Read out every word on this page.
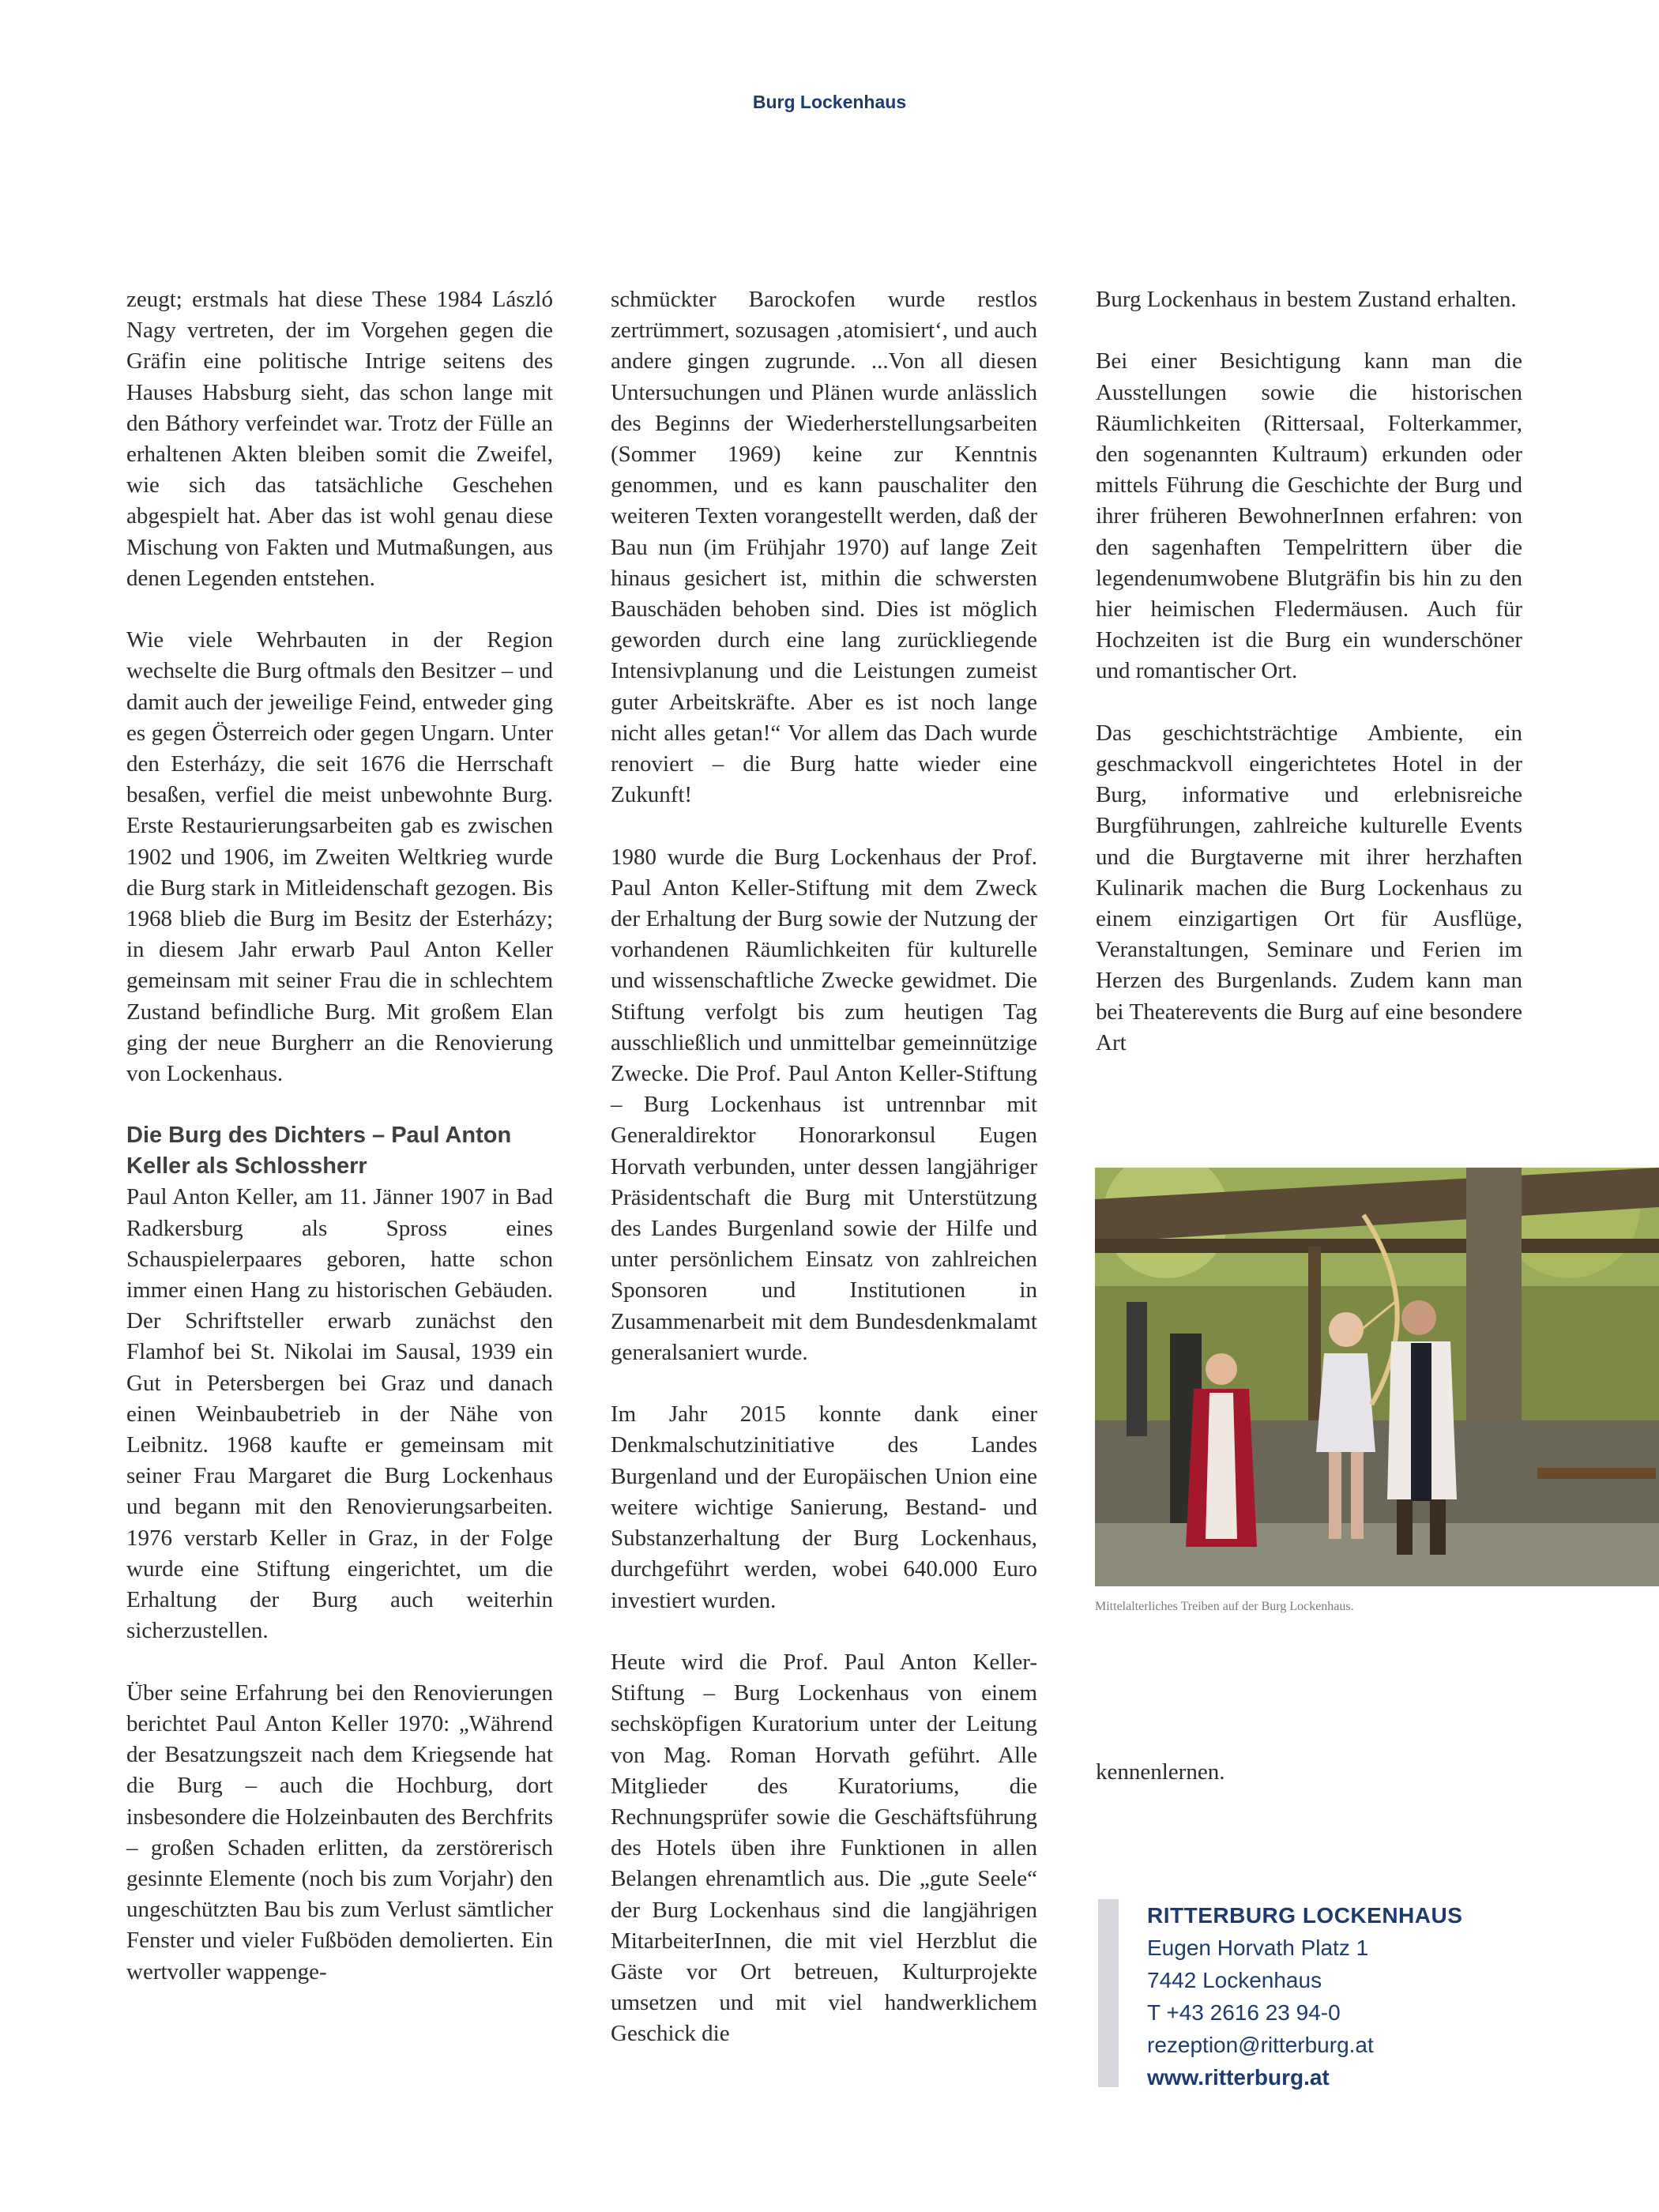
Burg Lockenhaus

zeugt; erstmals hat diese These 1984 László Nagy vertreten, der im Vorgehen gegen die Gräfin eine politische Intrige seitens des Hauses Habsburg sieht, das schon lange mit den Báthory verfeindet war. Trotz der Fülle an erhaltenen Akten bleiben somit die Zweifel, wie sich das tatsächliche Geschehen abgespielt hat. Aber das ist wohl genau diese Mischung von Fakten und Mutmaßungen, aus denen Legenden entstehen.

Wie viele Wehrbauten in der Region wechselte die Burg oftmals den Besitzer – und damit auch der jeweilige Feind, entweder ging es gegen Österreich oder gegen Ungarn. Unter den Esterházy, die seit 1676 die Herrschaft besaßen, verfiel die meist unbewohnte Burg. Erste Restaurierungsarbeiten gab es zwischen 1902 und 1906, im Zweiten Weltkrieg wurde die Burg stark in Mitleidenschaft gezogen. Bis 1968 blieb die Burg im Besitz der Esterházy; in diesem Jahr erwarb Paul Anton Keller gemeinsam mit seiner Frau die in schlechtem Zustand befindliche Burg. Mit großem Elan ging der neue Burgherr an die Renovierung von Lockenhaus.

Die Burg des Dichters – Paul Anton Keller als Schlossherr

Paul Anton Keller, am 11. Jänner 1907 in Bad Radkersburg als Spross eines Schauspielerpaares geboren, hatte schon immer einen Hang zu historischen Gebäuden. Der Schriftsteller erwarb zunächst den Flamhof bei St. Nikolai im Sausal, 1939 ein Gut in Petersbergen bei Graz und danach einen Weinbaubetrieb in der Nähe von Leibnitz. 1968 kaufte er gemeinsam mit seiner Frau Margaret die Burg Lockenhaus und begann mit den Renovierungsarbeiten. 1976 verstarb Keller in Graz, in der Folge wurde eine Stiftung eingerichtet, um die Erhaltung der Burg auch weiterhin sicherzustellen.

Über seine Erfahrung bei den Renovierungen berichtet Paul Anton Keller 1970: „Während der Besatzungszeit nach dem Kriegsende hat die Burg – auch die Hochburg, dort insbesondere die Holzeinbauten des Berchfrits – großen Schaden erlitten, da zerstörerisch gesinnte Elemente (noch bis zum Vorjahr) den ungeschützten Bau bis zum Verlust sämtlicher Fenster und vieler Fußböden demolierten. Ein wertvoller wappenge-

schmückter Barockofen wurde restlos zertrümmert, sozusagen ‚atomisiert‘, und auch andere gingen zugrunde. ...Von all diesen Untersuchungen und Plänen wurde anlässlich des Beginns der Wiederherstellungsarbeiten (Sommer 1969) keine zur Kenntnis genommen, und es kann pauschaliter den weiteren Texten vorangestellt werden, daß der Bau nun (im Frühjahr 1970) auf lange Zeit hinaus gesichert ist, mithin die schwersten Bauschäden behoben sind. Dies ist möglich geworden durch eine lang zurückliegende Intensivplanung und die Leistungen zumeist guter Arbeitskräfte. Aber es ist noch lange nicht alles getan!“ Vor allem das Dach wurde renoviert – die Burg hatte wieder eine Zukunft!

1980 wurde die Burg Lockenhaus der Prof. Paul Anton Keller-Stiftung mit dem Zweck der Erhaltung der Burg sowie der Nutzung der vorhandenen Räumlichkeiten für kulturelle und wissenschaftliche Zwecke gewidmet. Die Stiftung verfolgt bis zum heutigen Tag ausschließlich und unmittelbar gemeinnützige Zwecke. Die Prof. Paul Anton Keller-Stiftung – Burg Lockenhaus ist untrennbar mit Generaldirektor Honorarkonsul Eugen Horvath verbunden, unter dessen langjähriger Präsidentschaft die Burg mit Unterstützung des Landes Burgenland sowie der Hilfe und unter persönlichem Einsatz von zahlreichen Sponsoren und Institutionen in Zusammenarbeit mit dem Bundesdenkmalamt generalsaniert wurde.

Im Jahr 2015 konnte dank einer Denkmalschutzinitiative des Landes Burgenland und der Europäischen Union eine weitere wichtige Sanierung, Bestand- und Substanzerhaltung der Burg Lockenhaus, durchgeführt werden, wobei 640.000 Euro investiert wurden.

Heute wird die Prof. Paul Anton Keller-Stiftung – Burg Lockenhaus von einem sechsköpfigen Kuratorium unter der Leitung von Mag. Roman Horvath geführt. Alle Mitglieder des Kuratoriums, die Rechnungsprüfer sowie die Geschäftsführung des Hotels üben ihre Funktionen in allen Belangen ehrenamtlich aus. Die „gute Seele“ der Burg Lockenhaus sind die langjährigen MitarbeiterInnen, die mit viel Herzblut die Gäste vor Ort betreuen, Kulturprojekte umsetzen und mit viel handwerklichem Geschick die

Burg Lockenhaus in bestem Zustand erhalten.

Bei einer Besichtigung kann man die Ausstellungen sowie die historischen Räumlichkeiten (Rittersaal, Folterkammer, den sogenannten Kultraum) erkunden oder mittels Führung die Geschichte der Burg und ihrer früheren BewohnerInnen erfahren: von den sagenhaften Tempelrittern über die legendenumwobene Blutgräfin bis hin zu den hier heimischen Fledermäusen. Auch für Hochzeiten ist die Burg ein wunderschöner und romantischer Ort.

Das geschichtsträchtige Ambiente, ein geschmackvoll eingerichtetes Hotel in der Burg, informative und erlebnisreiche Burgführungen, zahlreiche kulturelle Events und die Burgtaverne mit ihrer herzhaften Kulinarik machen die Burg Lockenhaus zu einem einzigartigen Ort für Ausflüge, Veranstaltungen, Seminare und Ferien im Herzen des Burgenlands. Zudem kann man bei Theaterevents die Burg auf eine besondere Art

Mittelalterliches Treiben auf der Burg Lockenhaus.
kennenlernen.
RITTERBURG LOCKENHAUS
Eugen Horvath Platz 1
7442 Lockenhaus
T +43 2616 23 94-0
rezeption@ritterburg.at
www.ritterburg.at
